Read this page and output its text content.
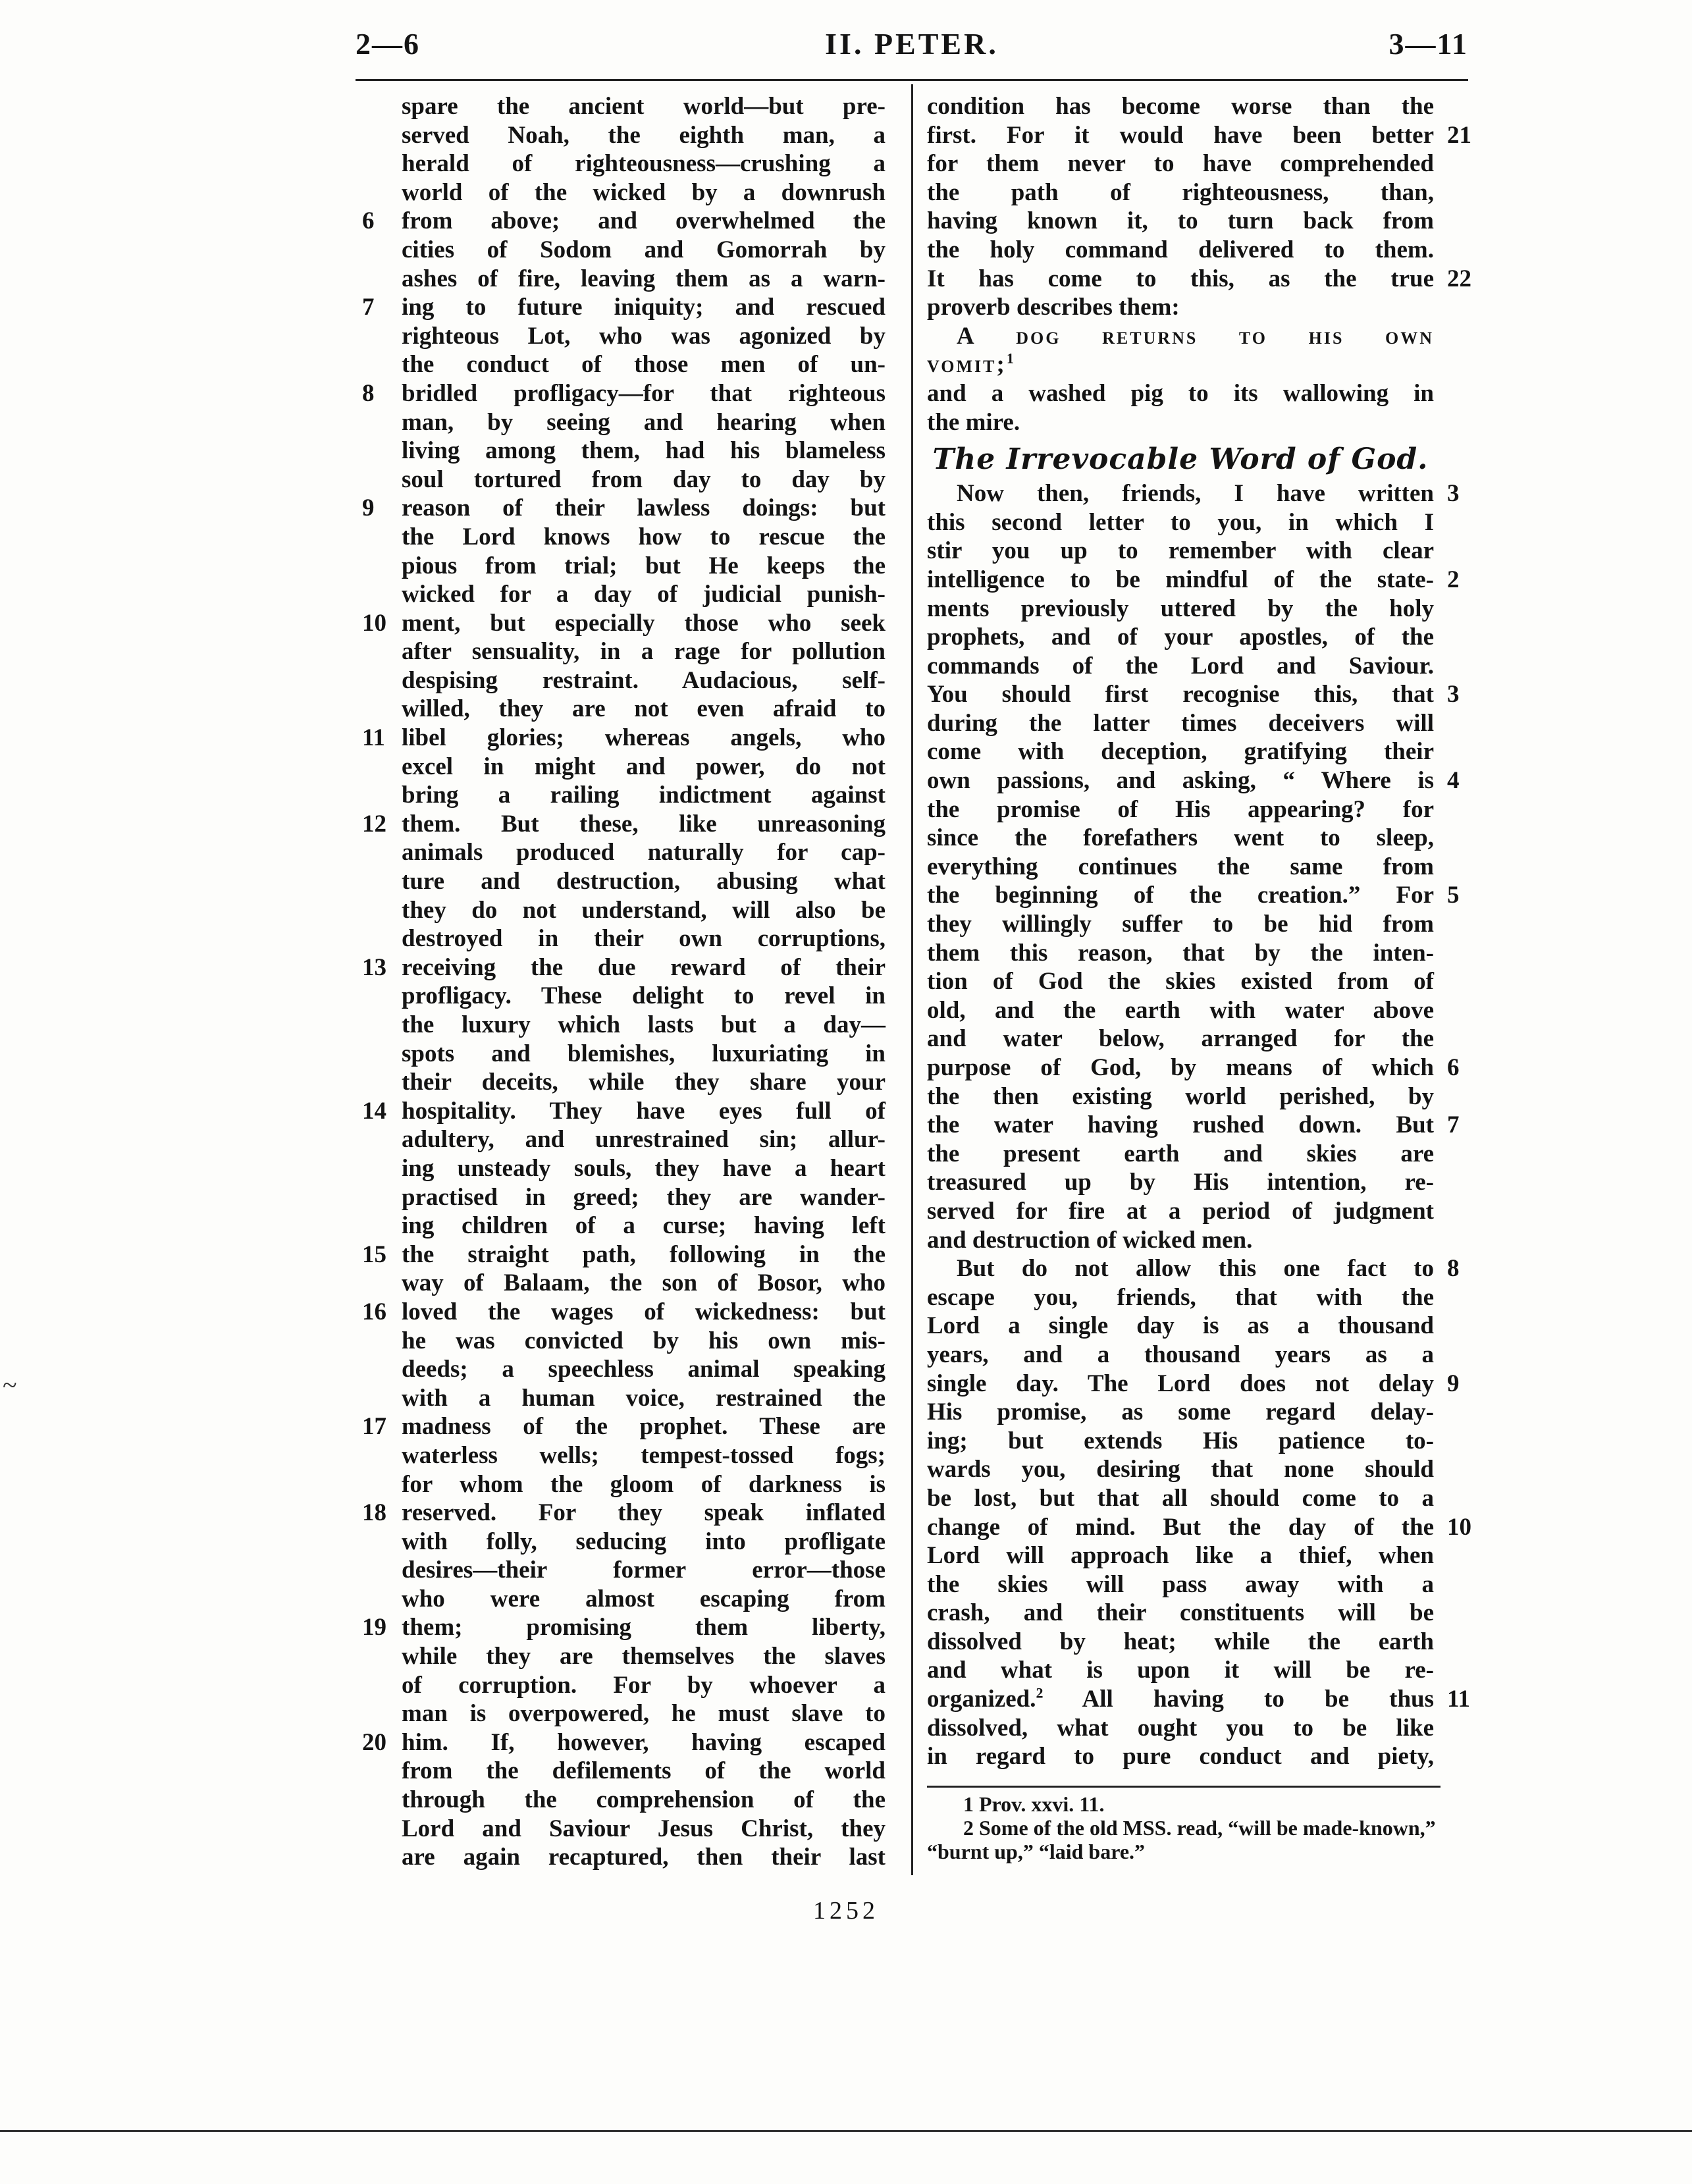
II. PETER.
2—6	3—11
spare the ancient world—but pre-
served Noah, the eighth man, a
herald of righteousness—crushing a
world of the wicked by a downrush
from above; and overwhelmed the
6
cities of Sodom and Gomorrah by
ashes of fire, leaving them as a warn-
ing to future iniquity; and rescued
7
righteous Lot, who was agonized by
the conduct of those men of un-
bridled profligacy—for that righteous
8
man, by seeing and hearing when
living among them, had his blameless
soul tortured from day to day by
reason of their lawless doings: but
9
the Lord knows how to rescue the
pious from trial; but He keeps the
wicked for a day of judicial punish-
ment, but especially those who seek
10
after sensuality, in a rage for pollution
despising restraint. Audacious, self-
willed, they are not even afraid to
libel glories; whereas angels, who
11
excel in might and power, do not
bring a railing indictment against
them. But these, like unreasoning
12
animals produced naturally for cap-
ture and destruction, abusing what
they do not understand, will also be
destroyed in their own corruptions,
receiving the due reward of their
13
profligacy. These delight to revel in
the luxury which lasts but a day—
spots and blemishes, luxuriating in
their deceits, while they share your
hospitality. They have eyes full of
14
adultery, and unrestrained sin; allur-
ing unsteady souls, they have a heart
practised in greed; they are wander-
ing children of a curse; having left
the straight path, following in the
15
way of Balaam, the son of Bosor, who
loved the wages of wickedness: but
16
he was convicted by his own mis-
deeds; a speechless animal speaking
with a human voice, restrained the
madness of the prophet. These are
17
waterless wells; tempest-tossed fogs;
for whom the gloom of darkness is
reserved. For they speak inflated
18
with folly, seducing into profligate
desires—their former error—those
who were almost escaping from
them; promising them liberty,
19
while they are themselves the slaves
of corruption. For by whoever a
man is overpowered, he must slave to
him. If, however, having escaped
20
from the defilements of the world
through the comprehension of the
Lord and Saviour Jesus Christ, they
are again recaptured, then their last
condition has become worse than the
first. For it would have been better 21
for them never to have comprehended
the path of righteousness, than,
having known it, to turn back from
the holy command delivered to them.
It has come to this, as the true 22
proverb describes them:
A dog returns to his own
vomit;$^1$
and a washed pig to its wallowing in
the mire.
The Irrevocable Word of God.
Now then, friends, I have written 3
this second letter to you, in which I
stir you up to remember with clear
intelligence to be mindful of the state- 2
ments previously uttered by the holy
prophets, and of your apostles, of the
commands of the Lord and Saviour.
You should first recognise this, that 3
during the latter times deceivers will
come with deception, gratifying their
own passions, and asking, “ Where is 4
the promise of His appearing? for
since the forefathers went to sleep,
everything continues the same from
the beginning of the creation.” For 5
they willingly suffer to be hid from
them this reason, that by the inten-
tion of God the skies existed from of
old, and the earth with water above
and water below, arranged for the
purpose of God, by means of which 6
the then existing world perished, by
the water having rushed down. But 7
the present earth and skies are
treasured up by His intention, re-
served for fire at a period of judgment
and destruction of wicked men.
But do not allow this one fact to 8
escape you, friends, that with the
Lord a single day is as a thousand
years, and a thousand years as a
single day. The Lord does not delay 9
His promise, as some regard delay-
ing; but extends His patience to-
wards you, desiring that none should
be lost, but that all should come to a
change of mind. But the day of the 10
Lord will approach like a thief, when
the skies will pass away with a
crash, and their constituents will be
dissolved by heat; while the earth
and what is upon it will be re-
organized.$^2$ All having to be thus 11
dissolved, what ought you to be like
in regard to pure conduct and piety,
1 Prov. xxvi. 11.
2 Some of the old MSS. read, “will be made-known,” “burnt up,” “laid bare.”
1252
~
